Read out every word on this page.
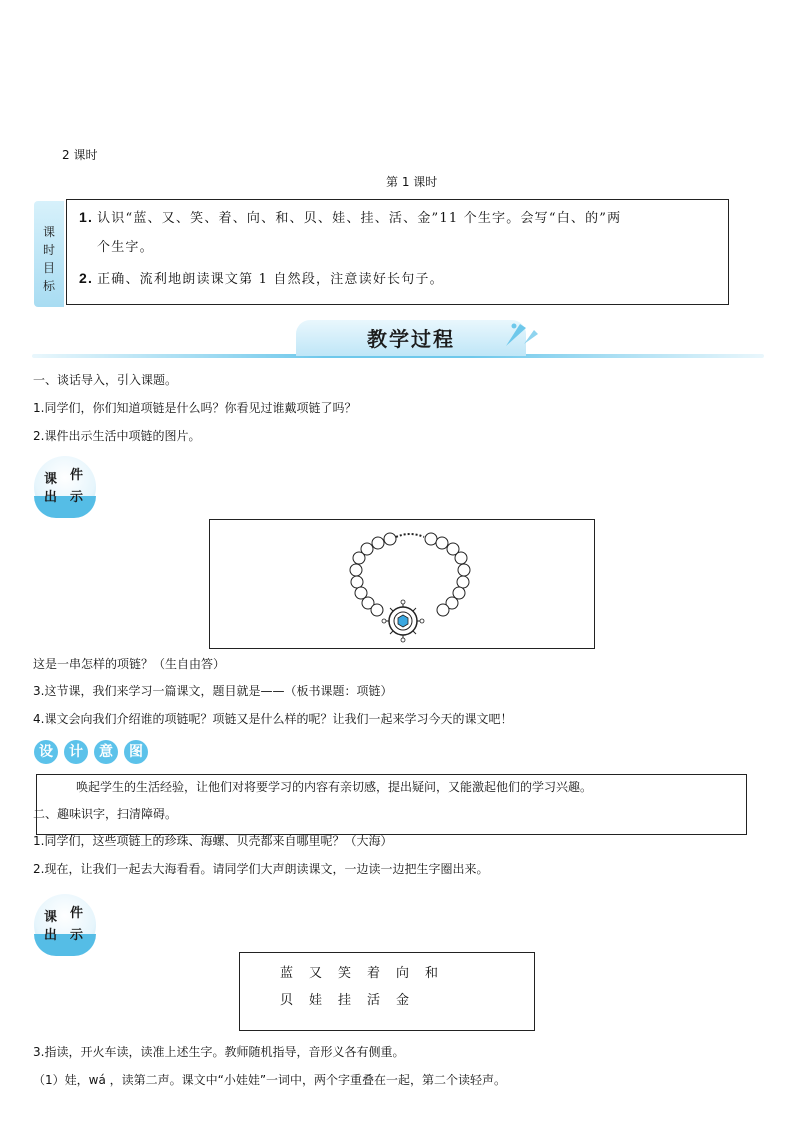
2 课时
第 1 课时
课
时
目
标
1. 认识“蓝、又、笑、着、向、和、贝、娃、挂、活、金”11 个生字。会写“白、的”两
个生字。
2. 正确、流利地朗读课文第 1 自然段，注意读好长句子。
教学过程
一、谈话导入，引入课题。
1.同学们，你们知道项链是什么吗？你看见过谁戴项链了吗？
2.课件出示生活中项链的图片。
课 件
出 示
这是一串怎样的项链？（生自由答）
3.这节课，我们来学习一篇课文，题目就是——（板书课题：项链）
4.课文会向我们介绍谁的项链呢？项链又是什么样的呢？让我们一起来学习今天的课文吧！
设	计	意	图
唤起学生的生活经验，让他们对将要学习的内容有亲切感，提出疑问，又能激起他们的学习兴趣。
二、趣味识字，扫清障碍。
1.同学们，这些项链上的珍珠、海螺、贝壳都来自哪里呢？（大海）
2.现在，让我们一起去大海看看。请同学们大声朗读课文，一边读一边把生字圈出来。
课 件
出 示
蓝 又 笑 着 向 和
贝 娃 挂 活 金
3.指读，开火车读，读准上述生字。教师随机指导，音形义各有侧重。
（1）娃，wá ，读第二声。课文中“小娃娃”一词中，两个字重叠在一起，第二个读轻声。
